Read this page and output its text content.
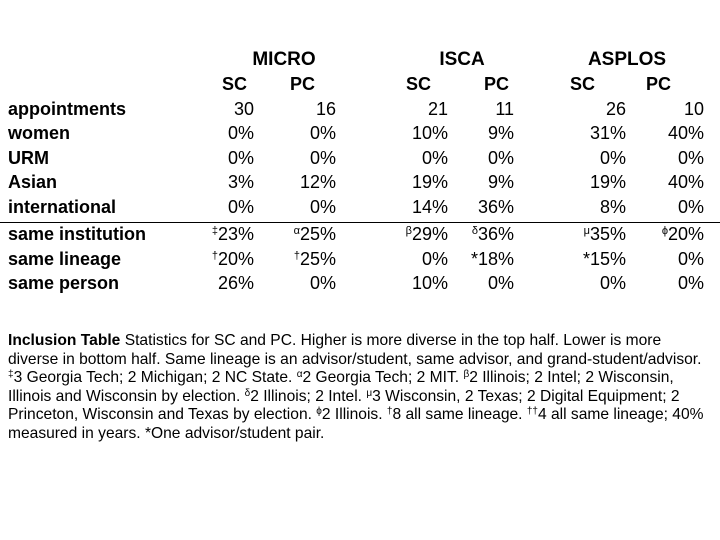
	MICRO		ISCA		ASPLOS		
	SC	PC	SC	PC	SC	PC	
appointments	30	16	21	11	26	10	
women	0%	0%	10%	9%	31%	40%	
URM	0%	0%	0%	0%	0%	0%	
Asian	3%	12%	19%	9%	19%	40%	
international	0%	0%	14%	36%	8%	0%	

same institution	‡23%	$^\alpha$25%	$^\beta$29%	$^\delta$36%	$^\mu$35%	$^\phi$20%	
same lineage	†20%	†25%	0%	*18%	*15%	0%	
same person	26%	0%	10%	0%	0%	0%	

Inclusion Table Statistics for SC and PC. Higher is more diverse in the top half. Lower is more diverse in bottom half. Same lineage is an advisor/student, same advisor, and grand-student/advisor. ‡3 Georgia Tech; 2 Michigan; 2 NC State. $^\alpha$2 Georgia Tech; 2 MIT. $^\beta$2 Illinois; 2 Intel; 2 Wisconsin, Illinois and Wisconsin by election. $^\delta$2 Illinois; 2 Intel. $^\mu$3 Wisconsin, 2 Texas; 2 Digital Equipment; 2 Princeton, Wisconsin and Texas by election. $^\phi$2 Illinois. †8 all same lineage. ††4 all same lineage; 40% measured in years. *One advisor/student pair.
